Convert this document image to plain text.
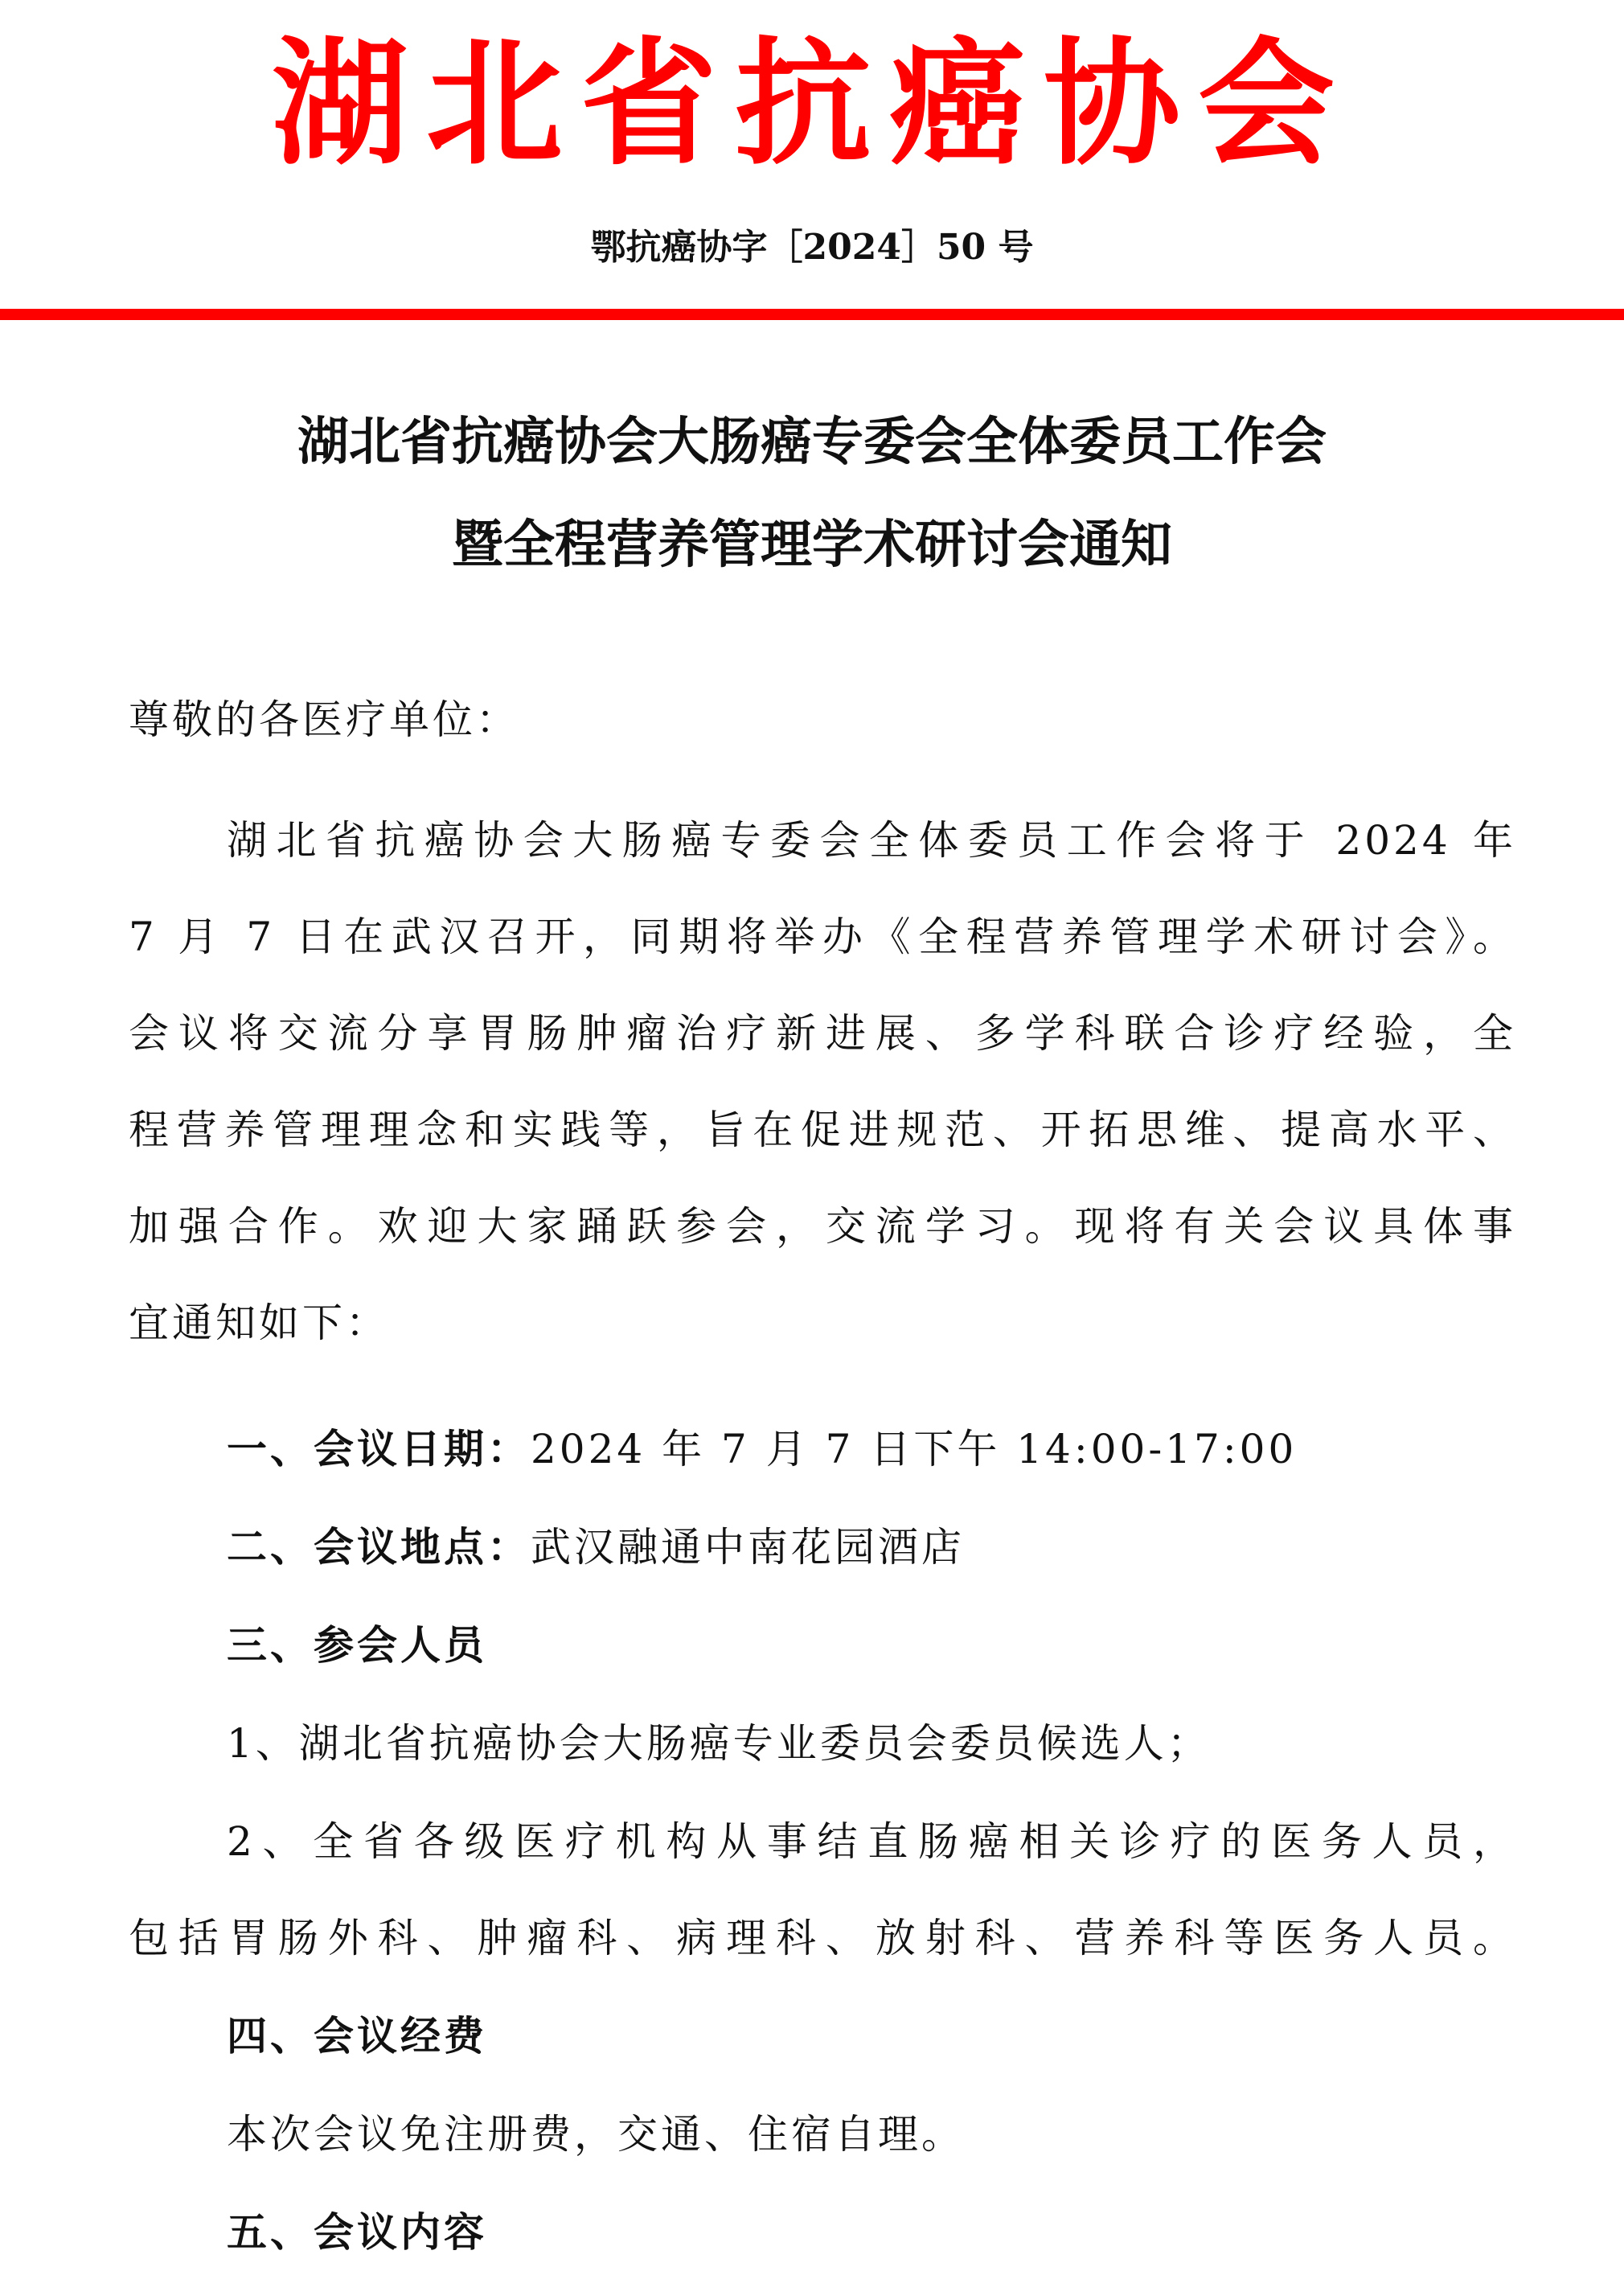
湖北省抗癌协会
鄂抗癌协字［2024］50 号
湖北省抗癌协会大肠癌专委会全体委员工作会
暨全程营养管理学术研讨会通知
尊敬的各医疗单位：
湖北省抗癌协会大肠癌专委会全体委员工作会将于 2024 年
7 月 7 日在武汉召开，同期将举办《全程营养管理学术研讨会》。
会议将交流分享胃肠肿瘤治疗新进展、多学科联合诊疗经验，全
程营养管理理念和实践等，旨在促进规范、开拓思维、提高水平、
加强合作。欢迎大家踊跃参会，交流学习。现将有关会议具体事
宜通知如下：
一、会议日期：2024 年 7 月 7 日下午 14:00-17:00
二、会议地点：武汉融通中南花园酒店
三、参会人员
1、湖北省抗癌协会大肠癌专业委员会委员候选人；
2、全省各级医疗机构从事结直肠癌相关诊疗的医务人员，
包括胃肠外科、肿瘤科、病理科、放射科、营养科等医务人员。
四、会议经费
本次会议免注册费，交通、住宿自理。
五、会议内容
